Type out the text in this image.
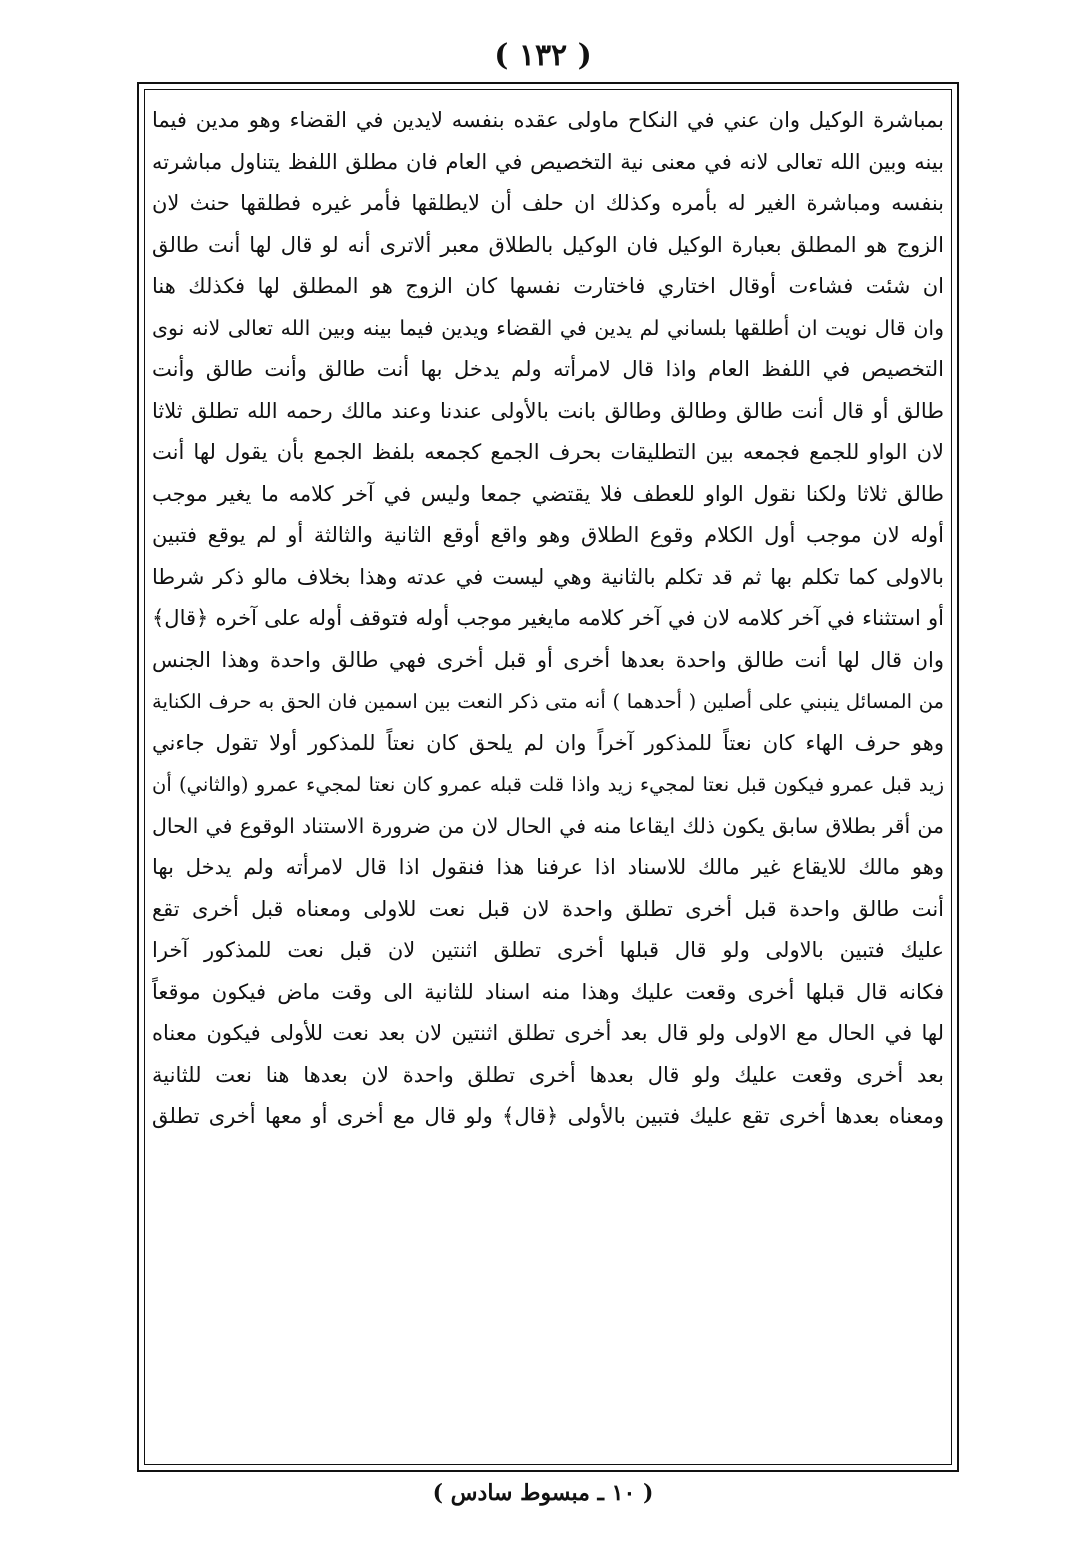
( ١٣٢ )
بمباشرة الوكيل وان عني في النكاح ماولى عقده بنفسه لايدين في القضاء وهو مدين فيما
بينه وبين الله تعالى لانه في معنى نية التخصيص في العام فان مطلق اللفظ يتناول مباشرته
بنفسه ومباشرة الغير له بأمره وكذلك ان حلف أن لايطلقها فأمر غيره فطلقها حنث لان
الزوج هو المطلق بعبارة الوكيل فان الوكيل بالطلاق معبر ألاترى أنه لو قال لها أنت طالق
ان شئت فشاءت أوقال اختاري فاختارت نفسها كان الزوج هو المطلق لها فكذلك هنا
وان قال نويت ان أطلقها بلساني لم يدين في القضاء ويدين فيما بينه وبين الله تعالى لانه نوى
التخصيص في اللفظ العام واذا قال لامرأته ولم يدخل بها أنت طالق وأنت طالق وأنت
طالق أو قال أنت طالق وطالق وطالق بانت بالأولى عندنا وعند مالك رحمه الله تطلق ثلاثا
لان الواو للجمع فجمعه بين التطليقات بحرف الجمع كجمعه بلفظ الجمع بأن يقول لها أنت
طالق ثلاثا ولكنا نقول الواو للعطف فلا يقتضي جمعا وليس في آخر كلامه ما يغير موجب
أوله لان موجب أول الكلام وقوع الطلاق وهو واقع أوقع الثانية والثالثة أو لم يوقع فتبين
بالاولى كما تكلم بها ثم قد تكلم بالثانية وهي ليست في عدته وهذا بخلاف مالو ذكر شرطا
أو استثناء في آخر كلامه لان في آخر كلامه مايغير موجب أوله فتوقف أوله على آخره ﴿قال﴾
وان قال لها أنت طالق واحدة بعدها أخرى أو قبل أخرى فهي طالق واحدة وهذا الجنس
من المسائل ينبني على أصلين ( أحدهما ) أنه متى ذكر النعت بين اسمين فان الحق به حرف الكناية
وهو حرف الهاء كان نعتاً للمذكور آخراً وان لم يلحق كان نعتاً للمذكور أولا تقول جاءني
زيد قبل عمرو فيكون قبل نعتا لمجيء زيد واذا قلت قبله عمرو كان نعتا لمجيء عمرو (والثاني) أن
من أقر بطلاق سابق يكون ذلك ايقاعا منه في الحال لان من ضرورة الاستناد الوقوع في الحال
وهو مالك للايقاع غير مالك للاسناد اذا عرفنا هذا فنقول اذا قال لامرأته ولم يدخل بها
أنت طالق واحدة قبل أخرى تطلق واحدة لان قبل نعت للاولى ومعناه قبل أخرى تقع
عليك فتبين بالاولى ولو قال قبلها أخرى تطلق اثنتين لان قبل نعت للمذكور آخرا
فكانه قال قبلها أخرى وقعت عليك وهذا منه اسناد للثانية الى وقت ماض فيكون موقعاً
لها في الحال مع الاولى ولو قال بعد أخرى تطلق اثنتين لان بعد نعت للأولى فيكون معناه
بعد أخرى وقعت عليك ولو قال بعدها أخرى تطلق واحدة لان بعدها هنا نعت للثانية
ومعناه بعدها أخرى تقع عليك فتبين بالأولى ﴿قال﴾ ولو قال مع أخرى أو معها أخرى تطلق
( ١٠ ـ مبسوط سادس )
